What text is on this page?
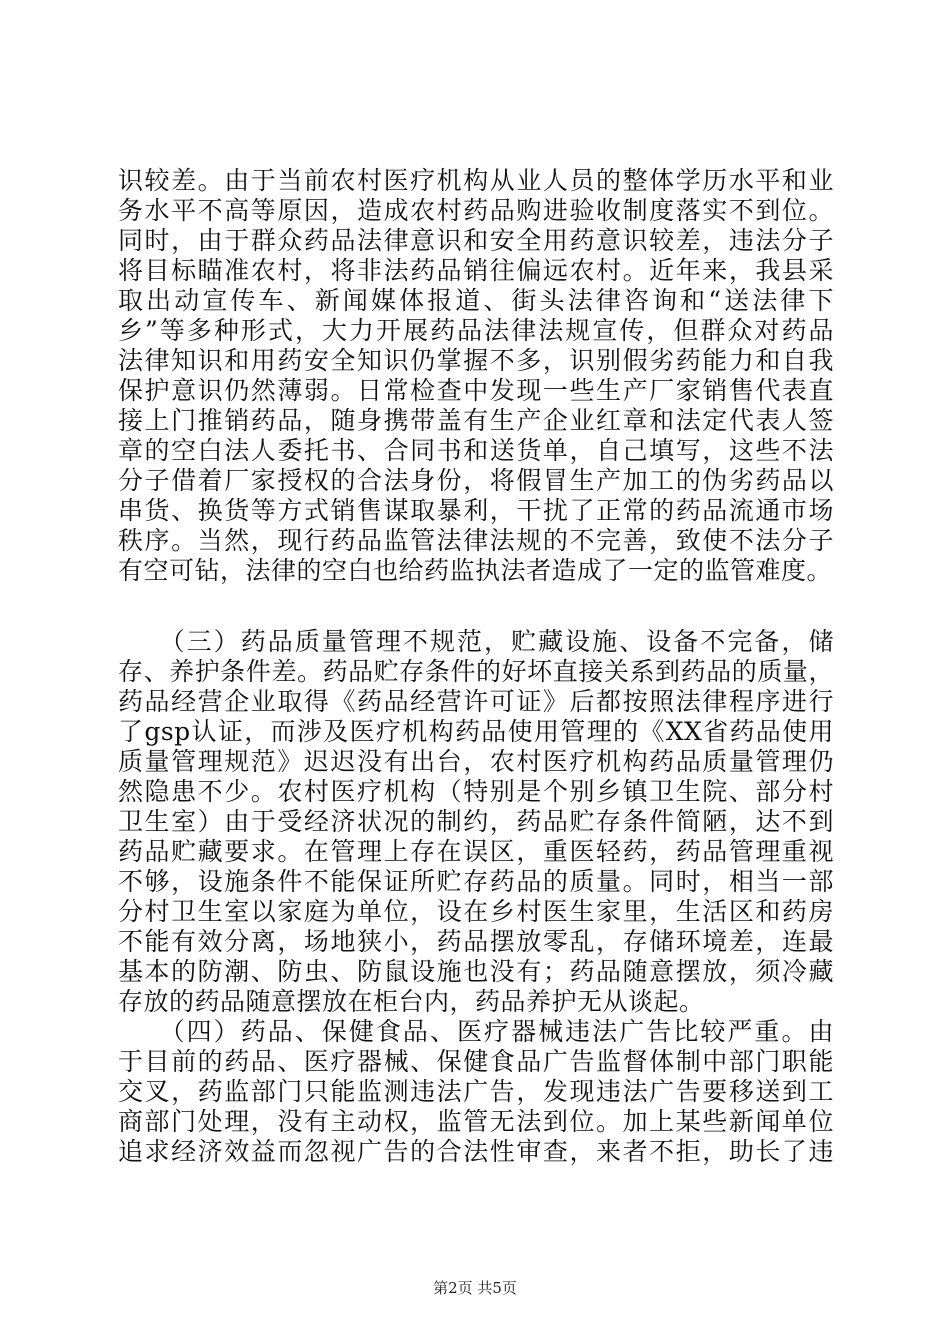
识较差。由于当前农村医疗机构从业人员的整体学历水平和业
务水平不高等原因，造成农村药品购进验收制度落实不到位。
同时，由于群众药品法律意识和安全用药意识较差，违法分子
将目标瞄准农村，将非法药品销往偏远农村。近年来，我县采
取出动宣传车、新闻媒体报道、街头法律咨询和“送法律下
乡”等多种形式，大力开展药品法律法规宣传，但群众对药品
法律知识和用药安全知识仍掌握不多，识别假劣药能力和自我
保护意识仍然薄弱。日常检查中发现一些生产厂家销售代表直
接上门推销药品，随身携带盖有生产企业红章和法定代表人签
章的空白法人委托书、合同书和送货单，自己填写，这些不法
分子借着厂家授权的合法身份，将假冒生产加工的伪劣药品以
串货、换货等方式销售谋取暴利，干扰了正常的药品流通市场
秩序。当然，现行药品监管法律法规的不完善，致使不法分子
有空可钻，法律的空白也给药监执法者造成了一定的监管难度。
　　（三）药品质量管理不规范，贮藏设施、设备不完备，储
存、养护条件差。药品贮存条件的好坏直接关系到药品的质量，
药品经营企业取得《药品经营许可证》后都按照法律程序进行
了gsp认证，而涉及医疗机构药品使用管理的《XX省药品使用
质量管理规范》迟迟没有出台，农村医疗机构药品质量管理仍
然隐患不少。农村医疗机构（特别是个别乡镇卫生院、部分村
卫生室）由于受经济状况的制约，药品贮存条件简陋，达不到
药品贮藏要求。在管理上存在误区，重医轻药，药品管理重视
不够，设施条件不能保证所贮存药品的质量。同时，相当一部
分村卫生室以家庭为单位，设在乡村医生家里，生活区和药房
不能有效分离，场地狭小，药品摆放零乱，存储环境差，连最
基本的防潮、防虫、防鼠设施也没有；药品随意摆放，须冷藏
存放的药品随意摆放在柜台内，药品养护无从谈起。
　　（四）药品、保健食品、医疗器械违法广告比较严重。由
于目前的药品、医疗器械、保健食品广告监督体制中部门职能
交叉，药监部门只能监测违法广告，发现违法广告要移送到工
商部门处理，没有主动权，监管无法到位。加上某些新闻单位
追求经济效益而忽视广告的合法性审查，来者不拒，助长了违
第2页 共5页
